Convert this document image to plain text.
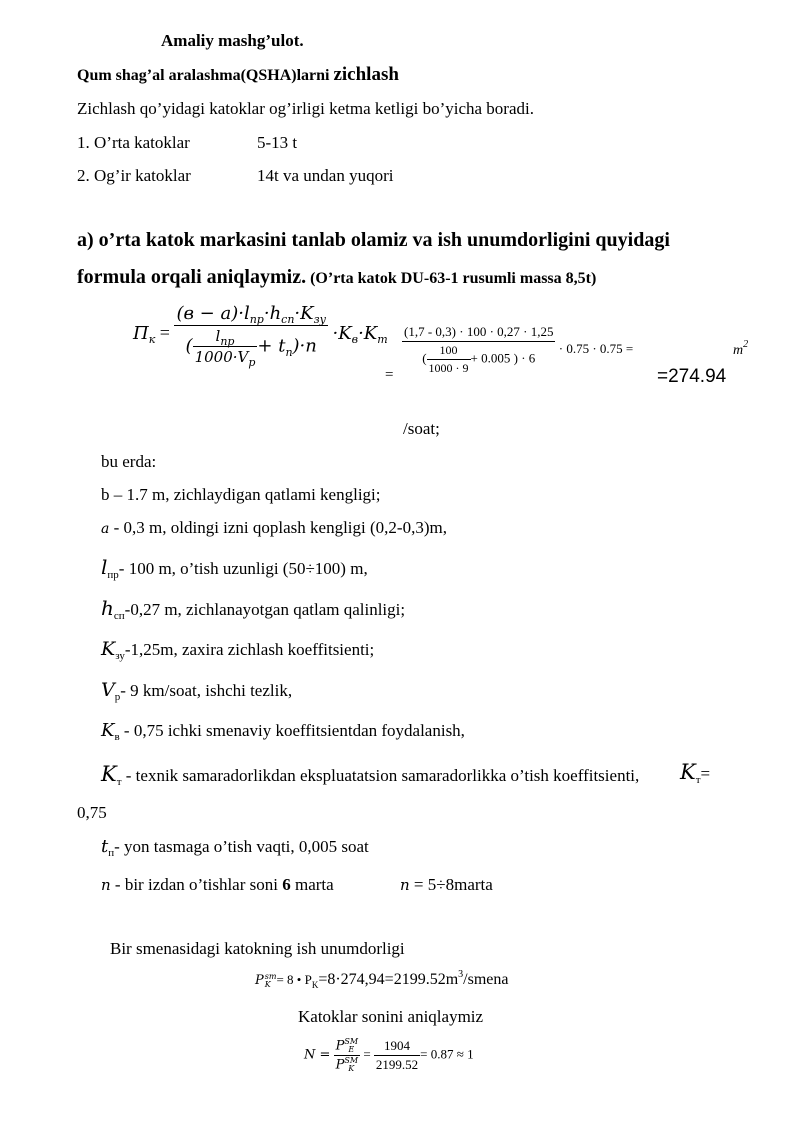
Amaliy mashg’ulot.
Qum shag’al aralashma(QSHA)larni zichlash
Zichlash qo’yidagi katoklar og’irligi ketma ketligi bo’yicha boradi.
1. O’rta katoklar	5-13 t
2. Og’ir katoklar	14t va undan yuqori
a) o’rta katok markasini tanlab olamiz va ish unumdorligini quyidagi
formula orqali aniqlaymiz. (O’rta katok DU-63-1 rusumli massa 8,5t)
$П_к = \frac{(в - а)\cdot l_{пр}\cdot h_{сп}\cdot K_{зу}}{( \frac{l_{пр}}{1000\cdot V_р} + t_п)\cdot n} \cdot K_в\cdot K_т \frac{(1,7 - 0,3) \cdot 100 \cdot 0,27 \cdot 1,25}{( \frac{100}{1000 \cdot 9} + 0.005 ) \cdot 6} \cdot 0.75 \cdot 0.75$ =
=	=274.94
$m^2$
/soat;
bu erda:
b – 1.7 m, zichlaydigan qatlami kengligi;
а - 0,3 m, oldingi izni qoplash kengligi (0,2-0,3)m,
$l_{пр}-$ 100 m, o’tish uzunligi (50÷100) m,
$h_{сп}-0,27$ m, zichlanayotgan qatlam qalinligi;
$K_{зу}-1,25m$, zaxira zichlash koeffitsienti;
$V_р-$ 9 km/soat, ishchi tezlik,
$K_в - 0,75$ ichki smenaviy koeffitsientdan foydalanish,
$K_т$ - texnik samaradorlikdan ekspluatatsion samaradorlikka o’tish koeffitsienti, $K_т=$
0,75
$t_п-$ yon tasmaga o’tish vaqti, 0,005 soat
n - bir izdan o’tishlar soni 6 marta	n = 5÷8marta
Bir smenasidagi katokning ish unumdorligi
P sm
K = 8 • $P_K=8\cdot 274,94=2199.52m^3$/smena
Katoklar sonini aniqlaymiz
N = P SM
E
P SM
$K = \frac{1904}{2199.52} = 0.87 \approx 1$
